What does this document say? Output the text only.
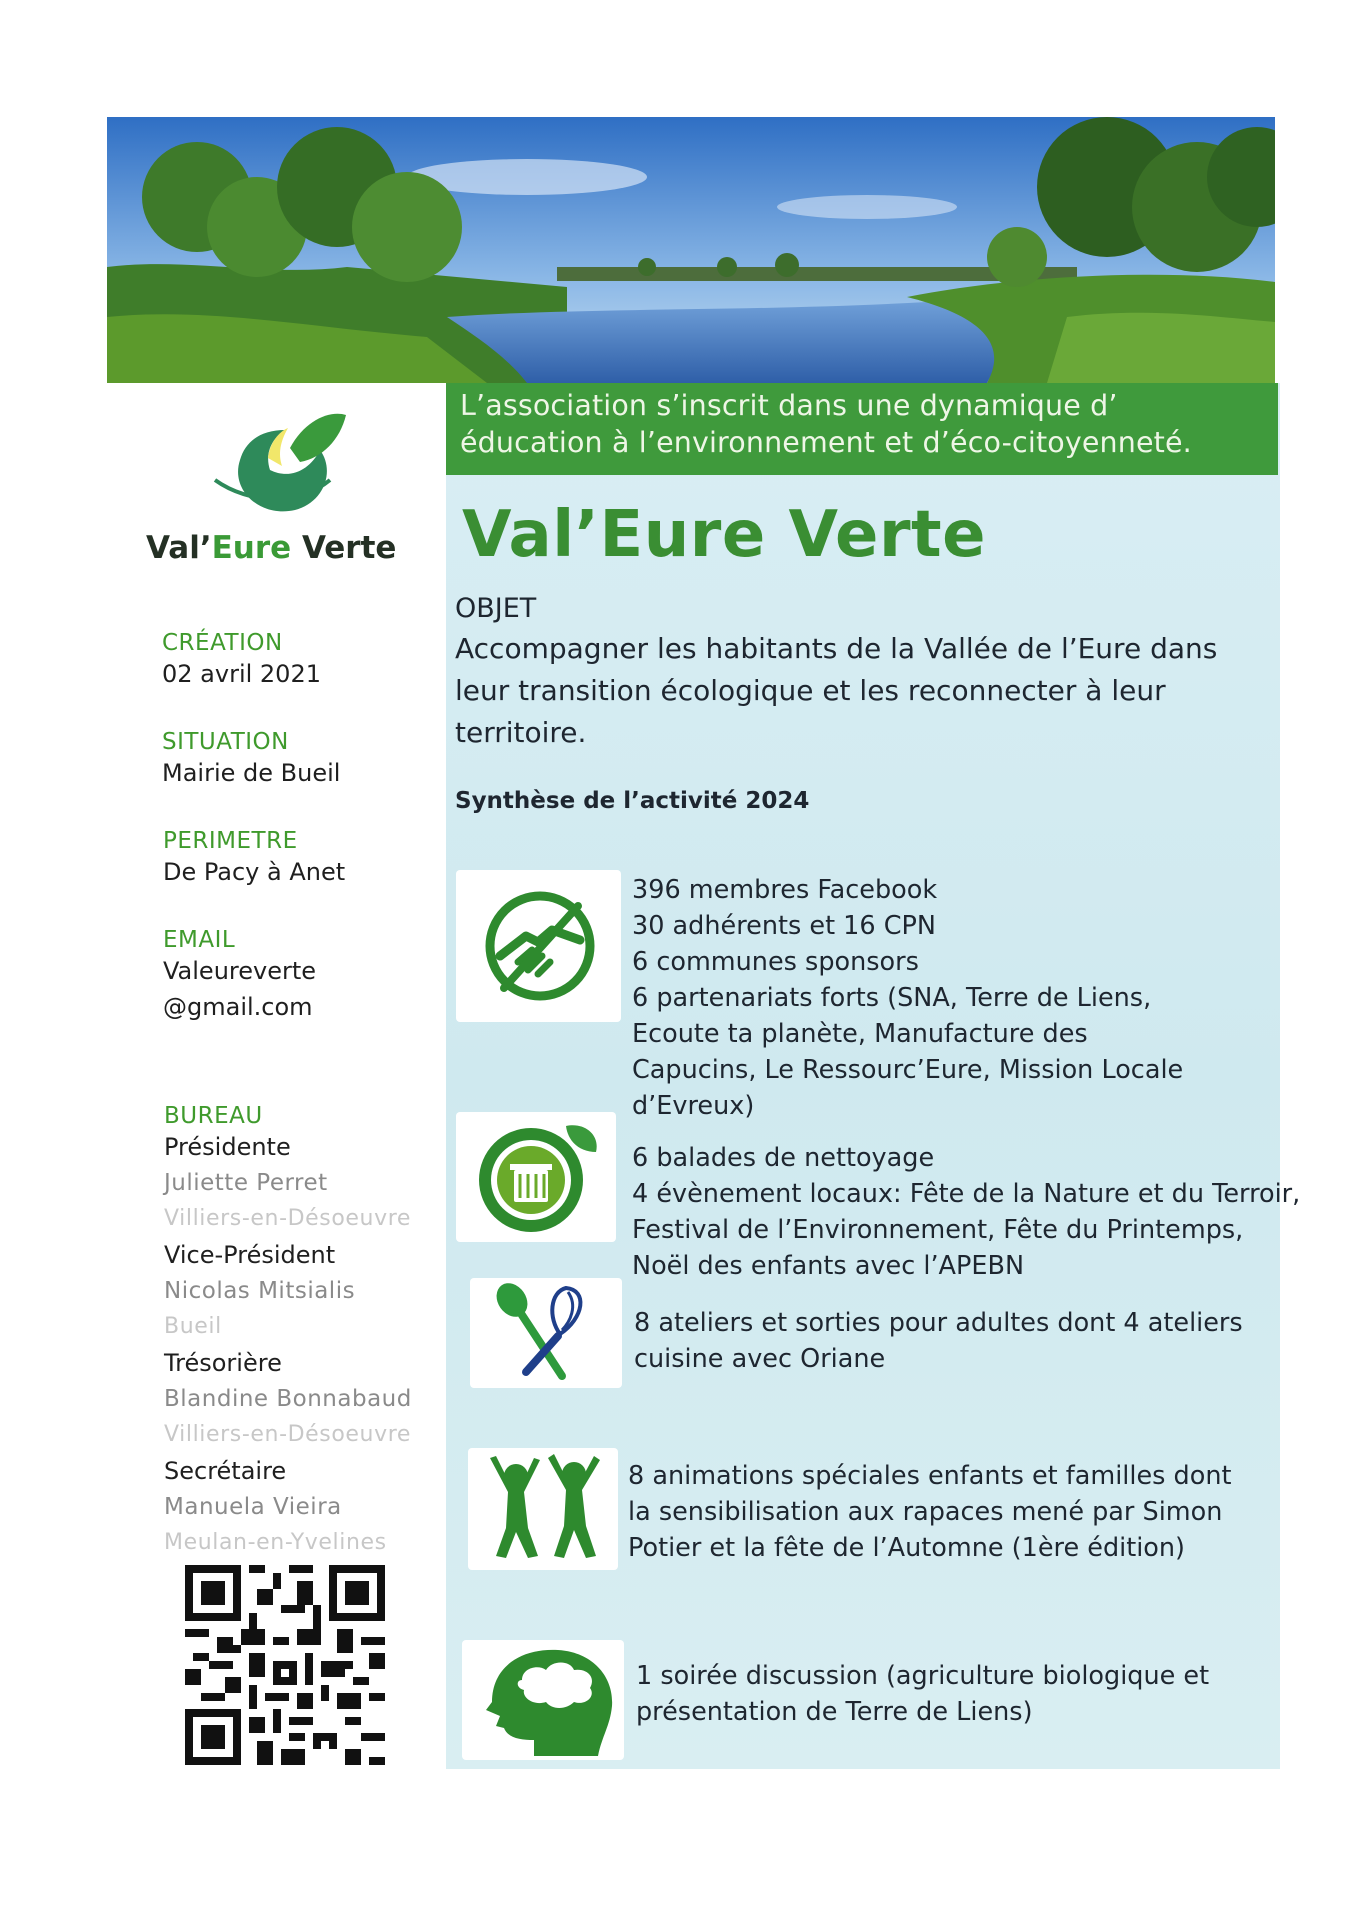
L’association s’inscrit dans une dynamique d’
éducation à l’environnement et d’éco-citoyenneté.
Val’Eure Verte
CRÉATION
02 avril 2021
SITUATION
Mairie de Bueil
PERIMETRE
De Pacy à Anet
EMAIL
Valeureverte
@gmail.com
BUREAU
Présidente
Juliette Perret
Villiers-en-Désoeuvre
Vice-Président
Nicolas Mitsialis
Bueil
Trésorière
Blandine Bonnabaud
Villiers-en-Désoeuvre
Secrétaire
Manuela Vieira
Meulan-en-Yvelines
Val’Eure Verte
OBJET
Accompagner les habitants de la Vallée de l’Eure dans
leur transition écologique et les reconnecter à leur
territoire.
Synthèse de l’activité 2024
396 membres Facebook
30 adhérents et 16 CPN
6 communes sponsors
6 partenariats forts (SNA, Terre de Liens,
Ecoute ta planète, Manufacture des
Capucins, Le Ressourc’Eure, Mission Locale
d’Evreux)
6 balades de nettoyage
4 évènement locaux: Fête de la Nature et du Terroir,
Festival de l’Environnement, Fête du Printemps,
Noël des enfants avec l’APEBN
8 ateliers et sorties pour adultes dont 4 ateliers
cuisine avec Oriane
8 animations spéciales enfants et familles dont
la sensibilisation aux rapaces mené par Simon
Potier et la fête de l’Automne (1ère édition)
1 soirée discussion (agriculture biologique et
présentation de Terre de Liens)
